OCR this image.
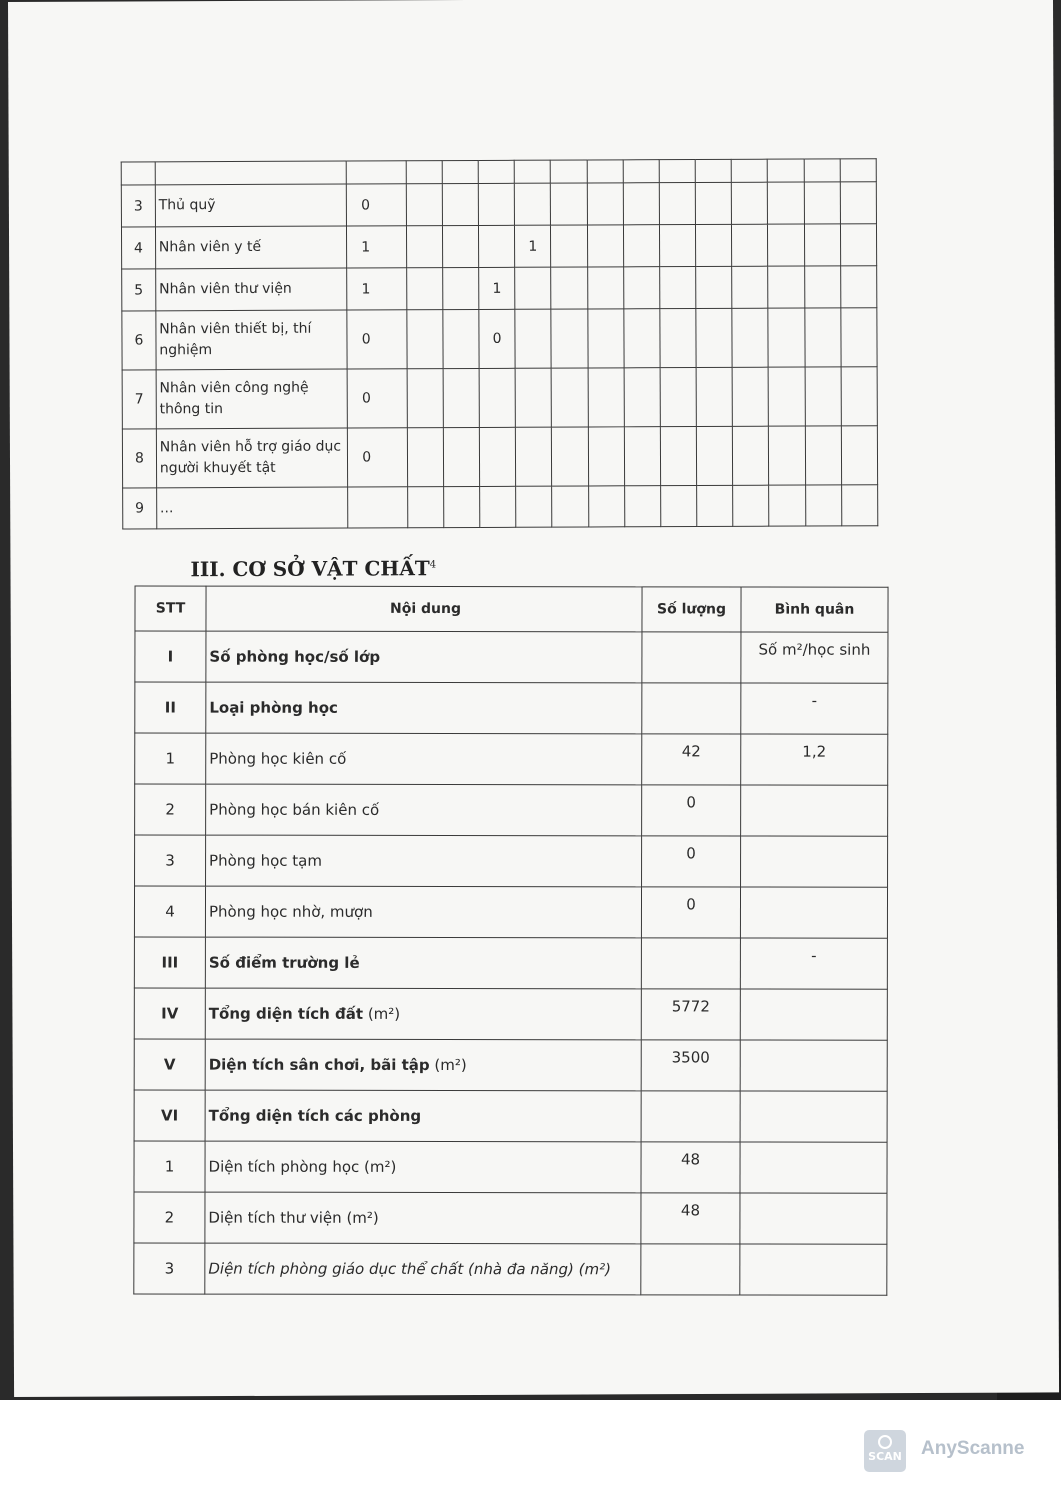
3	Thủ quỹ	0													
4	Nhân viên y tế	1				1									
5	Nhân viên thư viện	1			1										
6	Nhân viên thiết bị, thí nghiệm	0			0										
7	Nhân viên công nghệ thông tin	0													
8	Nhân viên hỗ trợ giáo dục người khuyết tật	0													
9	...														
III. CƠ SỞ VẬT CHẤT$^4$
STT	Nội dung	Số lượng	Bình quân
I	Số phòng học/số lớp		Số m²/học sinh
II	Loại phòng học		-
1	Phòng học kiên cố	42	1,2
2	Phòng học bán kiên cố	0	
3	Phòng học tạm	0	
4	Phòng học nhờ, mượn	0	
III	Số điểm trường lẻ		-
IV	Tổng diện tích đất (m²)	5772	
V	Diện tích sân chơi, bãi tập (m²)	3500	
VI	Tổng diện tích các phòng		
1	Diện tích phòng học (m²)	48	
2	Diện tích thư viện (m²)	48	
3	Diện tích phòng giáo dục thể chất (nhà đa năng) (m²)		
SCAN AnyScanne
